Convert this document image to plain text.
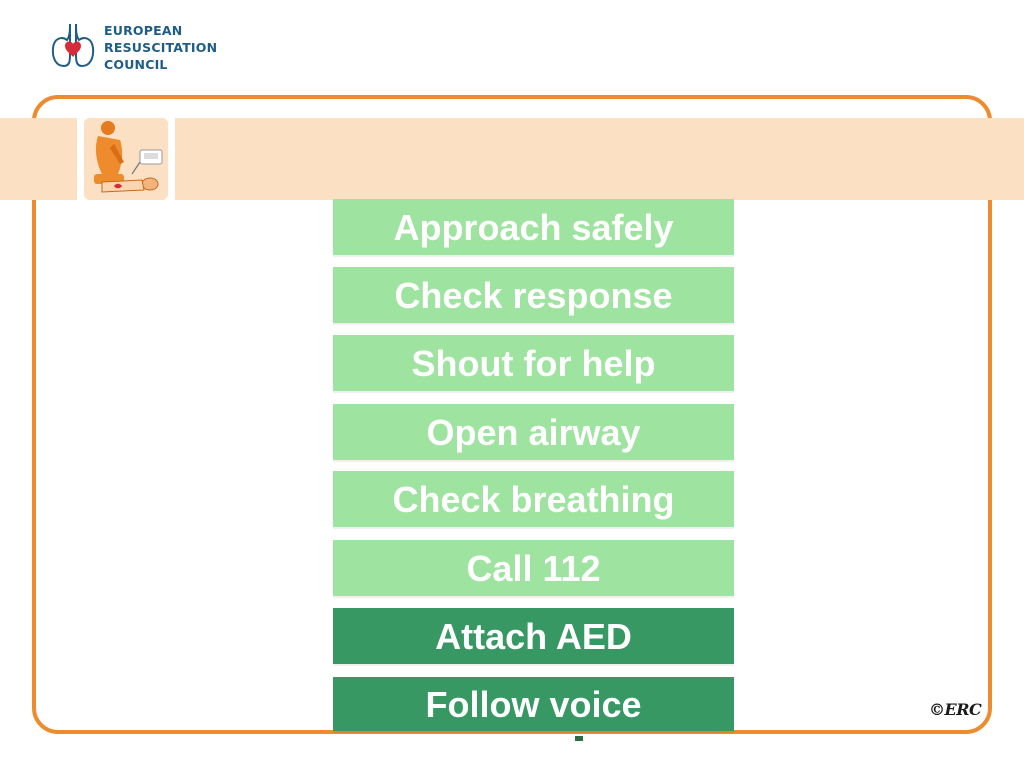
EUROPEAN
RESUSCITATION
COUNCIL
Approach safely
Check response
Shout for help
Open airway
Check breathing
Call 112
Attach AED
Follow voice	©ERC
